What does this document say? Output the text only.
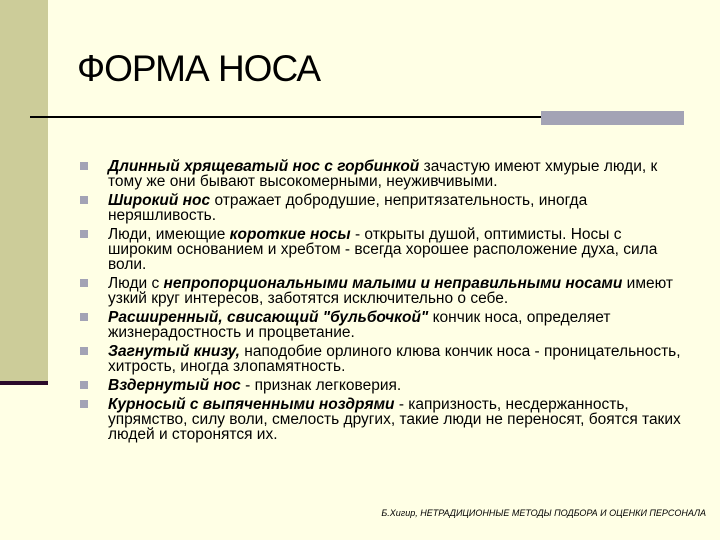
ФОРМА НОСА
Длинный хрящеватый нос с горбинкой зачастую имеют хмурые люди, к тому же они бывают высокомерными, неуживчивыми.
Широкий нос отражает добродушие, непритязательность, иногда неряшливость.
Люди, имеющие короткие носы - открыты душой, оптимисты. Носы с широким основанием и хребтом - всегда хорошее расположение духа, сила воли.
Люди с непропорциональными малыми и неправильными носами имеют узкий круг интересов, заботятся исключительно о себе.
Расширенный, свисающий "бульбочкой" кончик носа, определяет жизнерадостность и процветание.
Загнутый книзу, наподобие орлиного клюва кончик носа - проницательность, хитрость, иногда злопамятность.
Вздернутый нос - признак легковерия.
Курносый с выпяченными ноздрями - капризность, несдержанность, упрямство, силу воли, смелость других, такие люди не переносят, боятся таких людей и сторонятся их.
Б.Хигир, НЕТРАДИЦИОННЫЕ МЕТОДЫ ПОДБОРА И ОЦЕНКИ ПЕРСОНАЛА
